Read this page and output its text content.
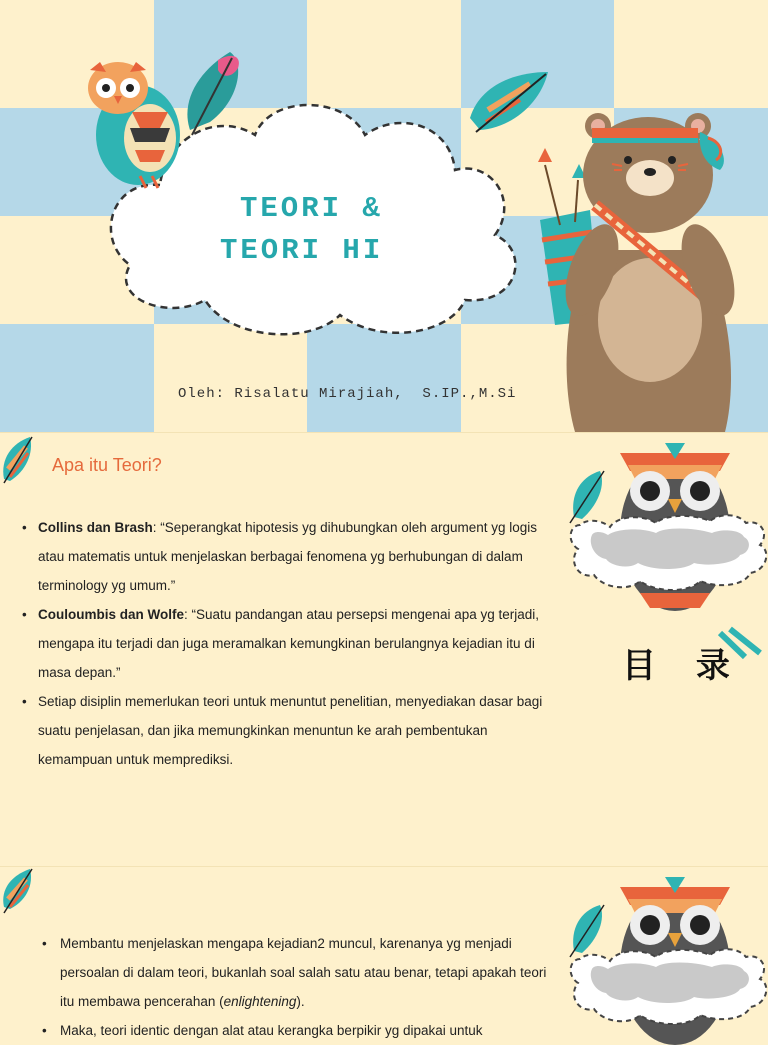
TEORI &
TEORI HI
Oleh: Risalatu Mirajiah,  S.IP.,M.Si
Apa itu Teori?
• Collins dan Brash: “Seperangkat hipotesis yg dihubungkan oleh argument yg logis atau matematis untuk menjelaskan berbagai fenomena yg berhubungan di dalam terminology yg umum.”
• Couloumbis dan Wolfe: “Suatu pandangan atau persepsi mengenai apa yg terjadi, mengapa itu terjadi dan juga meramalkan kemungkinan berulangnya kejadian itu di masa depan.”
• Setiap disiplin memerlukan teori untuk menuntut penelitian, menyediakan dasar bagi suatu penjelasan, dan jika memungkinkan menuntun ke arah pembentukan kemampuan untuk memprediksi.
目 录
• Membantu menjelaskan mengapa kejadian2 muncul, karenanya yg menjadi persoalan di dalam teori, bukanlah soal salah satu atau benar, tetapi apakah teori itu membawa pencerahan (enlightening).
• Maka, teori identic dengan alat atau kerangka berpikir yg dipakai untuk
